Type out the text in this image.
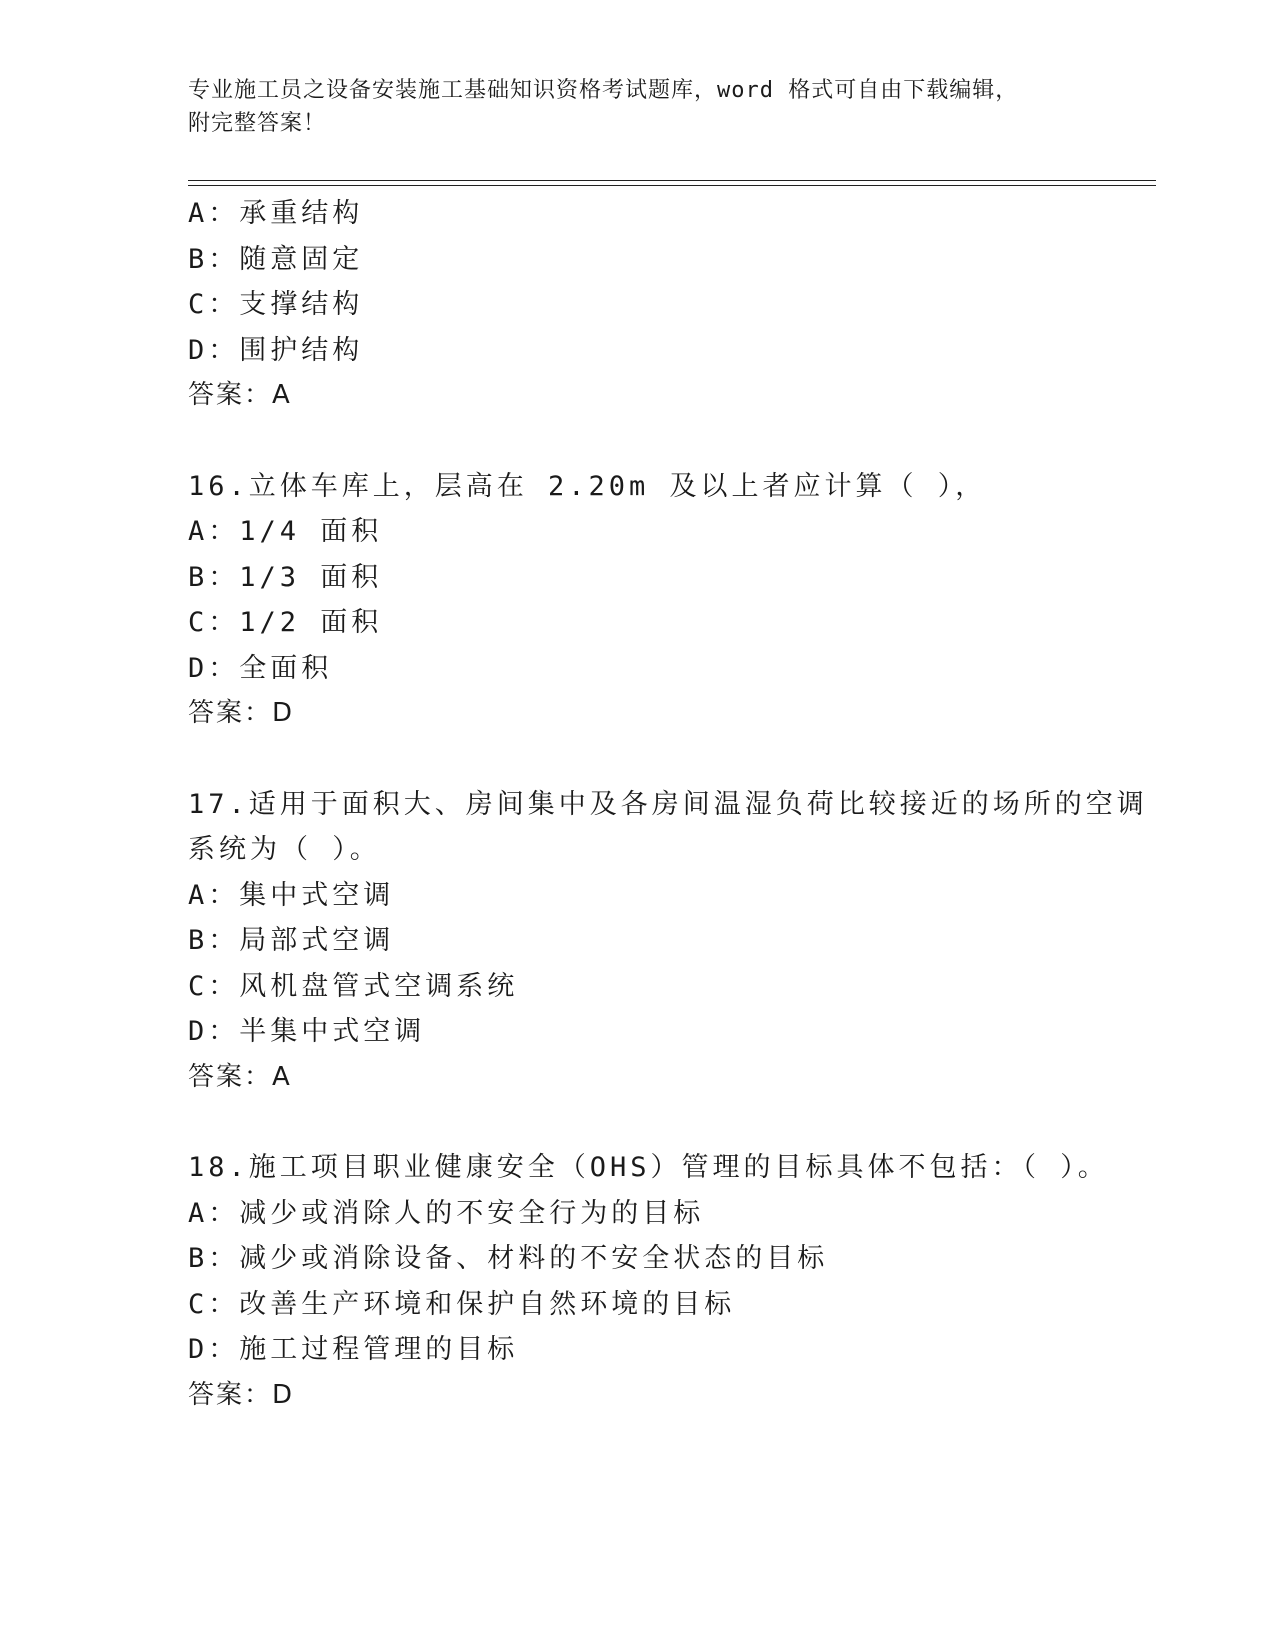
专业施工员之设备安装施工基础知识资格考试题库，word 格式可自由下载编辑，
附完整答案！
A：承重结构
B：随意固定
C：支撑结构
D：围护结构
答案：A
16.立体车库上，层高在 2.20m 及以上者应计算（ ），
A：1/4 面积
B：1/3 面积
C：1/2 面积
D：全面积
答案：D
17.适用于面积大、房间集中及各房间温湿负荷比较接近的场所的空调
系统为（ ）。
A：集中式空调
B：局部式空调
C：风机盘管式空调系统
D：半集中式空调
答案：A
18.施工项目职业健康安全（OHS）管理的目标具体不包括：（ ）。
A：减少或消除人的不安全行为的目标
B：减少或消除设备、材料的不安全状态的目标
C：改善生产环境和保护自然环境的目标
D：施工过程管理的目标
答案：D
